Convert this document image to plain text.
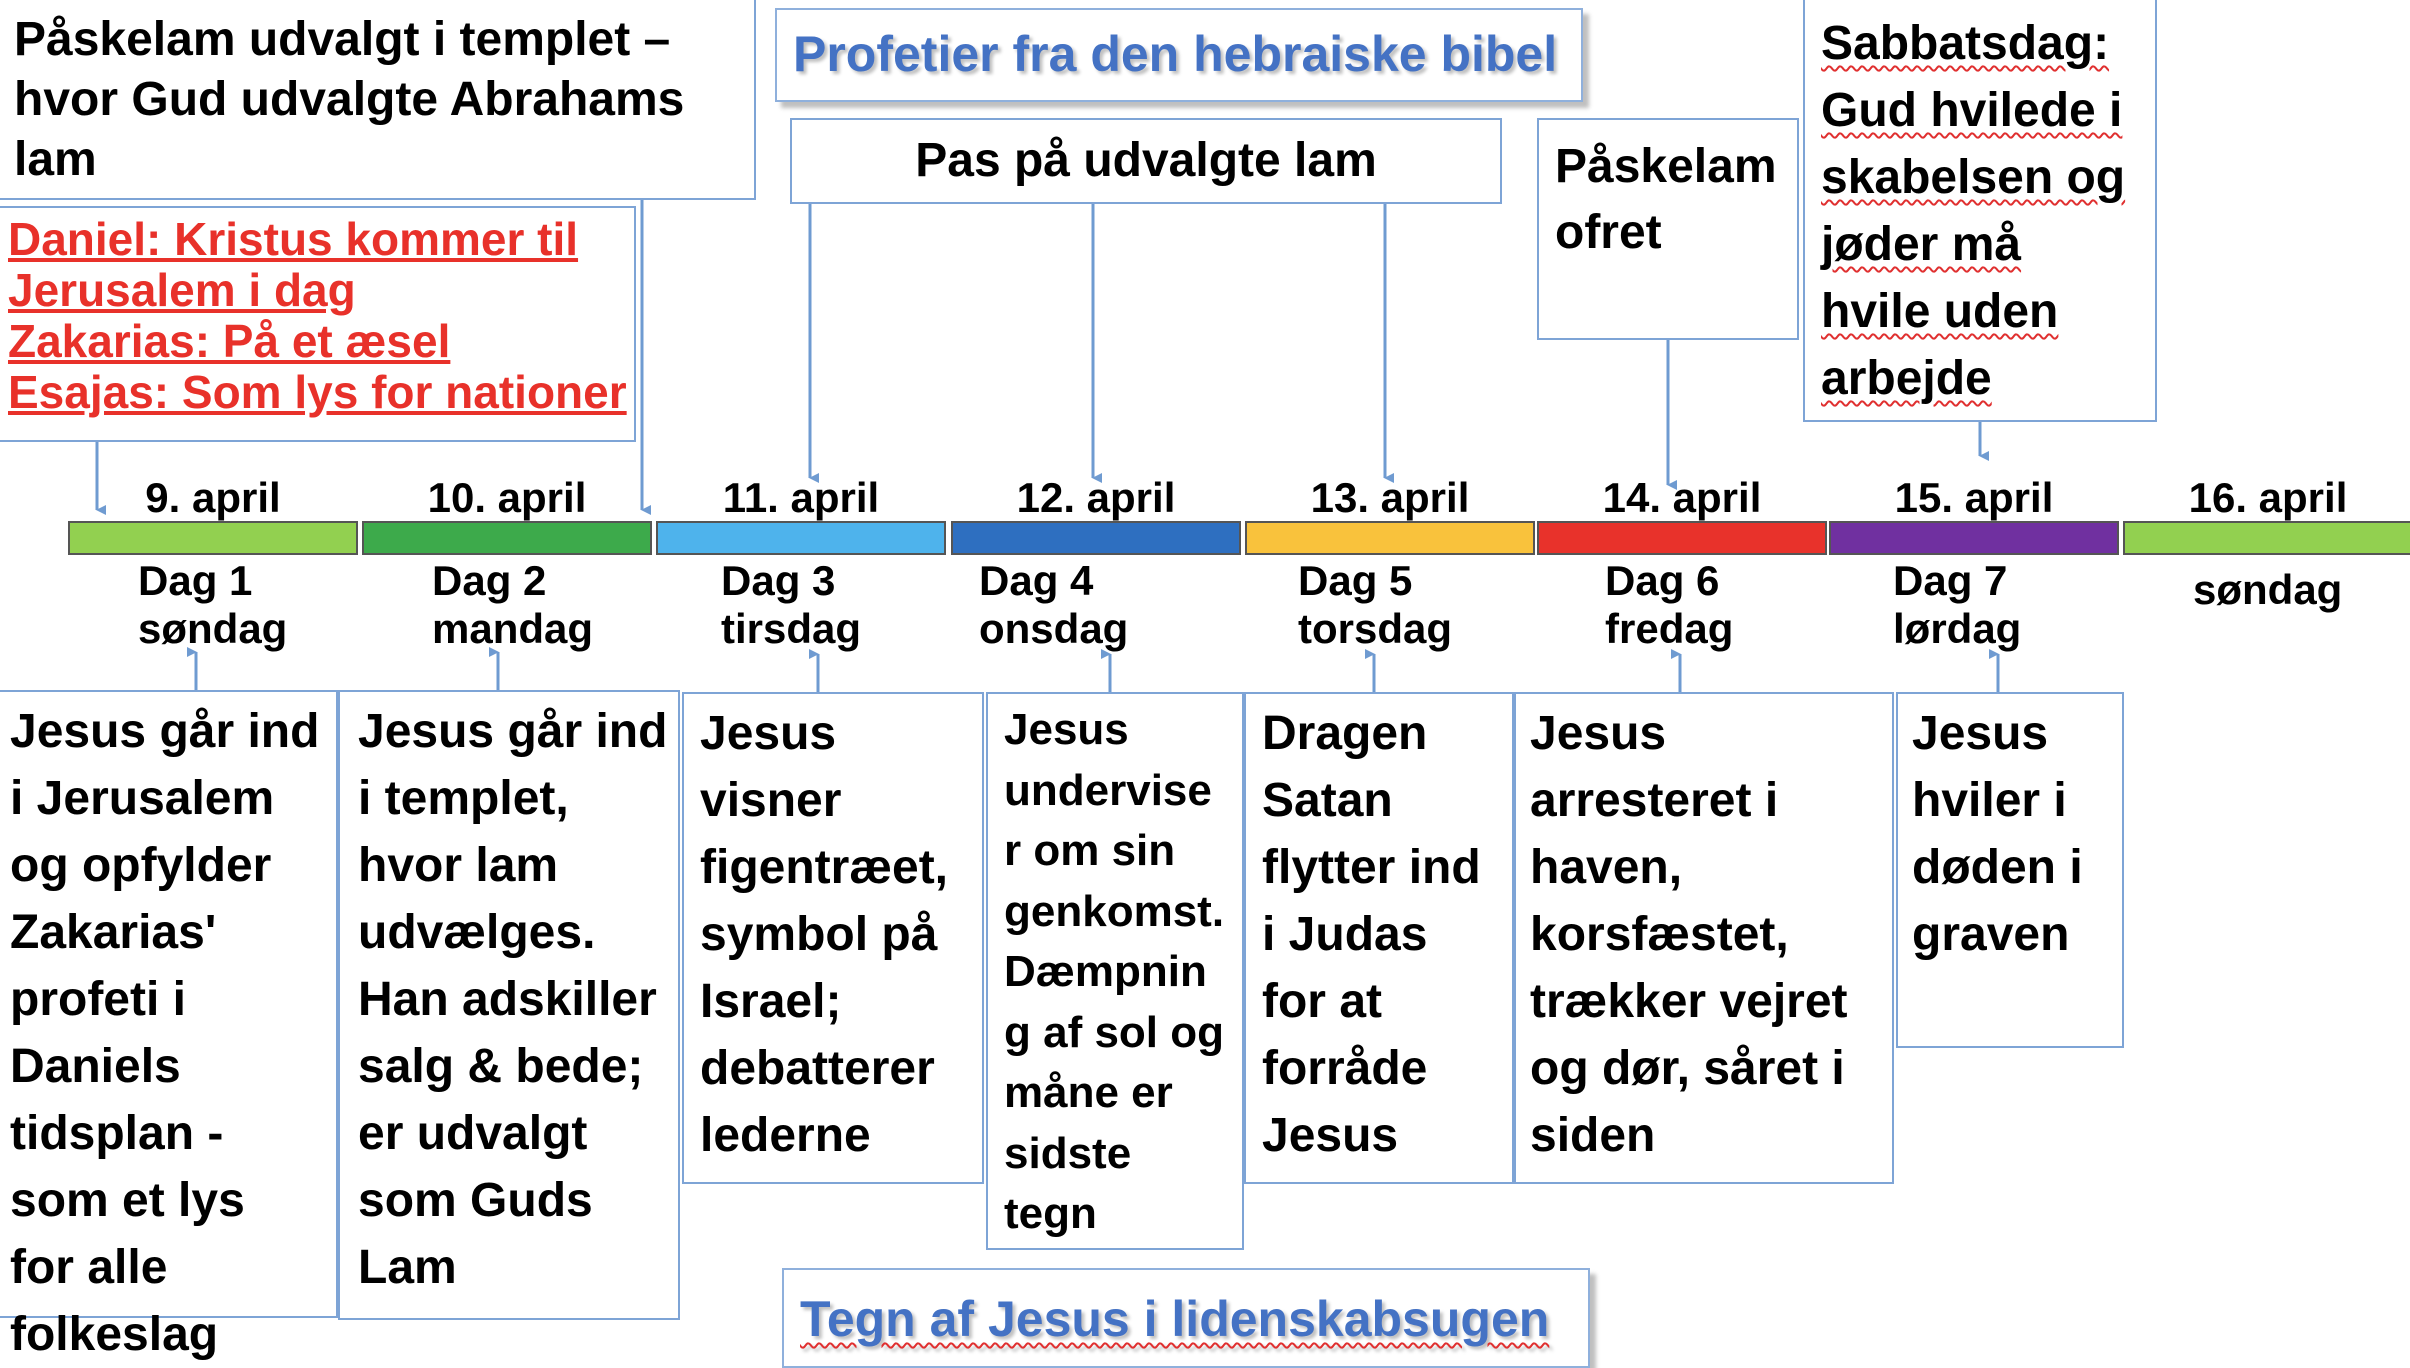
Påskelam udvalgt i templet –
hvor Gud udvalgte Abrahams
lam
Daniel: Kristus kommer til
Jerusalem i dag
Zakarias: På et æsel
Esajas: Som lys for nationer
Profetier fra den hebraiske bibel
Pas på udvalgte lam	Påskelam
ofret
Sabbatsdag:
Gud hvilede i
skabelsen og
jøder må
hvile uden
arbejde
9. april
Dag 1
søndag
Jesus går ind
i Jerusalem
og opfylder
Zakarias'
profeti i
Daniels
tidsplan -
som et lys
for alle
folkeslag
10. april
Dag 2
mandag
Jesus går ind
i templet,
hvor lam
udvælges.
Han adskiller
salg & bede;
er udvalgt
som Guds
Lam
11. april
Dag 3
tirsdag
Jesus
visner
figentræet,
symbol på
Israel;
debatterer
lederne
12. april
Dag 4
onsdag
Jesus
undervise
r om sin
genkomst.
Dæmpnin
g af sol og
måne er
sidste
tegn
13. april
Dag 5
torsdag
Dragen
Satan
flytter ind
i Judas
for at
forråde
Jesus
14. april
Dag 6
fredag
Jesus
arresteret i
haven,
korsfæstet,
trækker vejret
og dør, såret i
siden
15. april
Dag 7
lørdag
Jesus
hviler i
døden i
graven
16. april
søndag
Tegn af Jesus i lidenskabsugen
